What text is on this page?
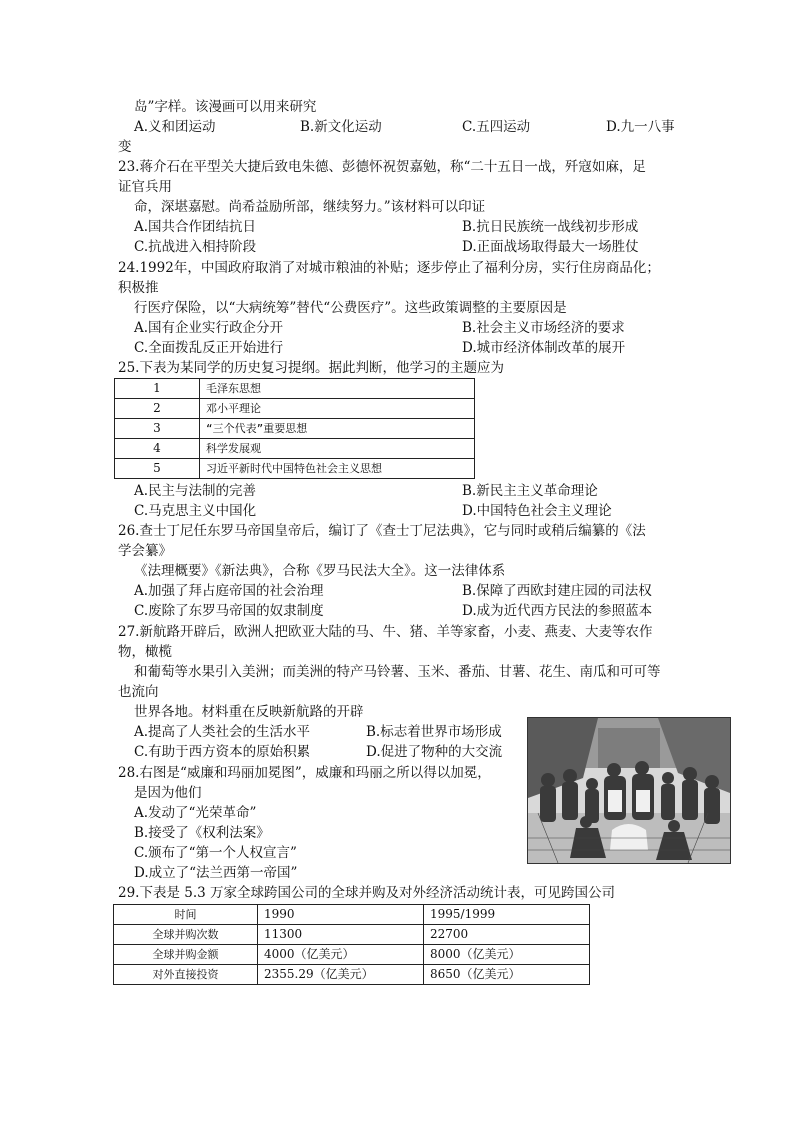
岛”字样。该漫画可以用来研究
A.义和团运动	B.新文化运动	C.五四运动	D.九一八事
变
23.蒋介石在平型关大捷后致电朱德、彭德怀祝贺嘉勉，称“二十五日一战，歼寇如麻，足
证官兵用
命，深堪嘉慰。尚希益励所部，继续努力。”该材料可以印证
A.国共合作团结抗日	B.抗日民族统一战线初步形成
C.抗战进入相持阶段	D.正面战场取得最大一场胜仗
24.1992年，中国政府取消了对城市粮油的补贴；逐步停止了福利分房，实行住房商品化；
积极推
行医疗保险，以“大病统筹”替代“公费医疗”。这些政策调整的主要原因是
A.国有企业实行政企分开	B.社会主义市场经济的要求
C.全面拨乱反正开始进行	D.城市经济体制改革的展开
25.下表为某同学的历史复习提纲。据此判断，他学习的主题应为
1	毛泽东思想
2	邓小平理论
3	“三个代表”重要思想
4	科学发展观
5	习近平新时代中国特色社会主义思想
A.民主与法制的完善	B.新民主主义革命理论
C.马克思主义中国化	D.中国特色社会主义理论
26.查士丁尼任东罗马帝国皇帝后，编订了《查士丁尼法典》，它与同时或稍后编纂的《法
学会纂》
《法理概要》《新法典》，合称《罗马民法大全》。这一法律体系
A.加强了拜占庭帝国的社会治理	B.保障了西欧封建庄园的司法权
C.废除了东罗马帝国的奴隶制度	D.成为近代西方民法的参照蓝本
27.新航路开辟后，欧洲人把欧亚大陆的马、牛、猪、羊等家畜，小麦、燕麦、大麦等农作
物，橄榄
和葡萄等水果引入美洲；而美洲的特产马铃薯、玉米、番茄、甘薯、花生、南瓜和可可等
也流向
世界各地。材料重在反映新航路的开辟
A.提高了人类社会的生活水平	B.标志着世界市场形成
C.有助于西方资本的原始积累	D.促进了物种的大交流
28.右图是“威廉和玛丽加冕图”，威廉和玛丽之所以得以加冕，
是因为他们
A.发动了“光荣革命”
B.接受了《权利法案》
C.颁布了“第一个人权宣言”
D.成立了“法兰西第一帝国”
29.下表是 5.3 万家全球跨国公司的全球并购及对外经济活动统计表，可见跨国公司
时间	1990	1995/1999
全球并购次数	11300	22700
全球并购金额	4000（亿美元）	8000（亿美元）
对外直接投资	2355.29（亿美元）	8650（亿美元）
